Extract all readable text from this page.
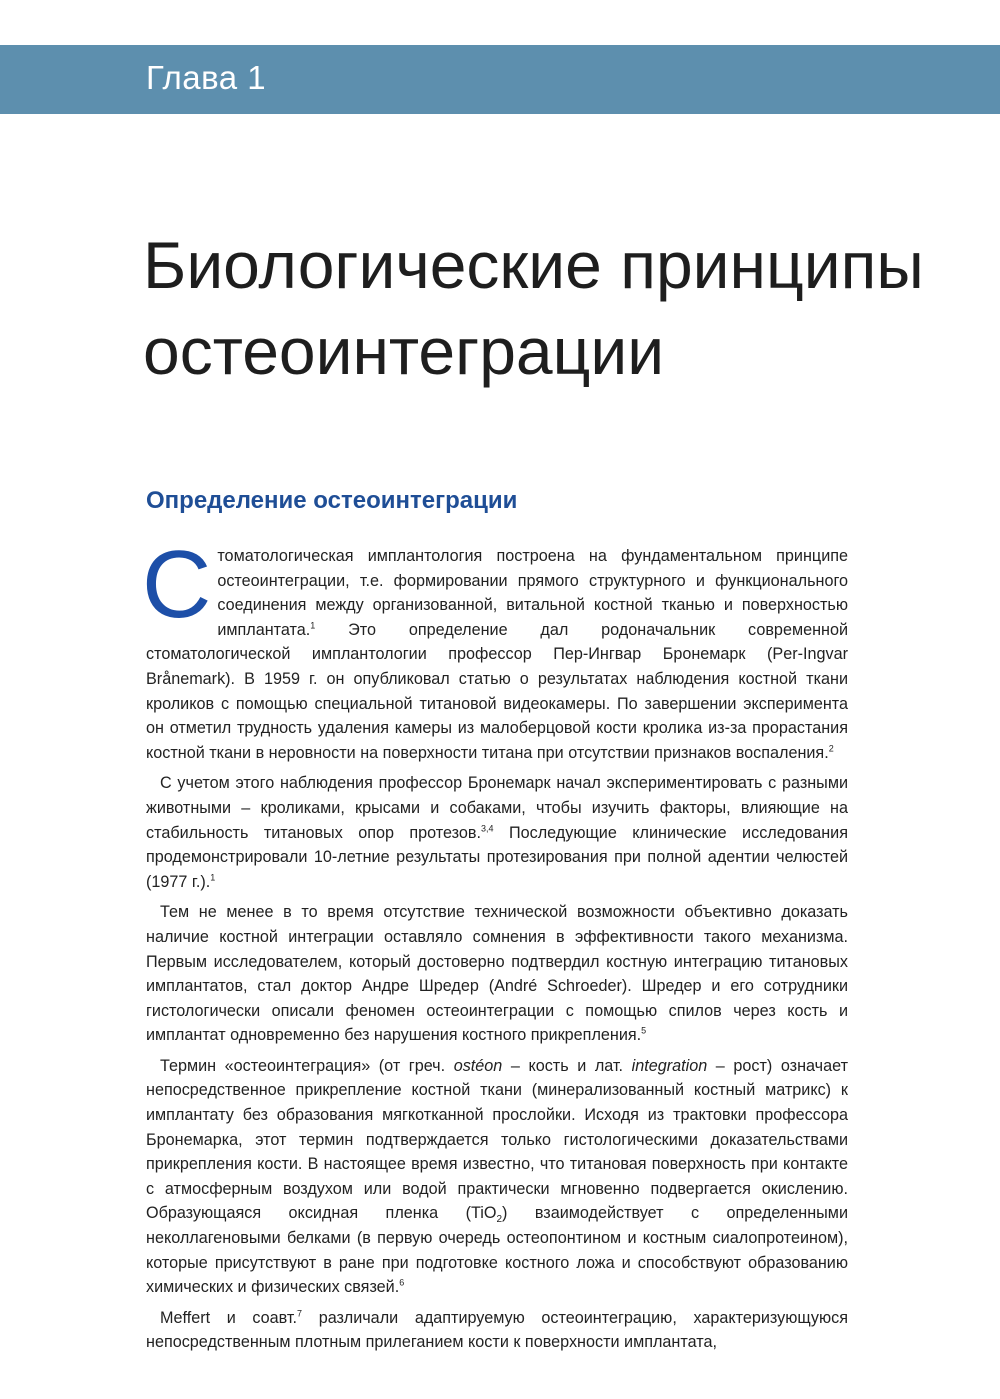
Глава 1
Биологические принципы
остеоинтеграции
Определение остеоинтеграции

Стоматологическая имплантология построена на фундаментальном принципе остеоинтеграции, т.е. формировании прямого структурного и функционального соединения между организованной, витальной костной тканью и поверхностью имплантата.$^1$ Это определение дал родоначальник современной стоматологической имплантологии профессор Пер-Ингвар Бронемарк (Per-Ingvar Brånemark). В 1959 г. он опубликовал статью о результатах наблюдения костной ткани кроликов с помощью специальной титановой видеокамеры. По завершении эксперимента он отметил трудность удаления камеры из малоберцовой кости кролика из-за прорастания костной ткани в неровности на поверхности титана при отсутствии признаков воспаления.$^2$

С учетом этого наблюдения профессор Бронемарк начал экспериментировать с разными животными – кроликами, крысами и собаками, чтобы изучить факторы, влияющие на стабильность титановых опор протезов.$^{3,4}$ Последующие клинические исследования продемонстрировали 10-летние результаты протезирования при полной адентии челюстей (1977 г.).$^1$

Тем не менее в то время отсутствие технической возможности объективно доказать наличие костной интеграции оставляло сомнения в эффективности такого механизма. Первым исследователем, который достоверно подтвердил костную интеграцию титановых имплантатов, стал доктор Андре Шредер (André Schroeder). Шредер и его сотрудники гистологически описали феномен остеоинтеграции с помощью спилов через кость и имплантат одновременно без нарушения костного прикрепления.$^5$

Термин «остеоинтеграция» (от греч. ostéon – кость и лат. integration – рост) означает непосредственное прикрепление костной ткани (минерализованный костный матрикс) к имплантату без образования мягкотканной прослойки. Исходя из трактовки профессора Бронемарка, этот термин подтверждается только гистологическими доказательствами прикрепления кости. В настоящее время известно, что титановая поверхность при контакте с атмосферным воздухом или водой практически мгновенно подвергается окислению. Образующаяся оксидная пленка (TiO$_2$) взаимодействует с определенными неколлагеновыми белками (в первую очередь остеопонтином и костным сиалопротеином), которые присутствуют в ране при подготовке костного ложа и способствуют образованию химических и физических связей.$^6$

Meffert и соавт.$^7$ различали адаптируемую остеоинтеграцию, характеризующуюся непосредственным плотным прилеганием кости к поверхности имплантата,
